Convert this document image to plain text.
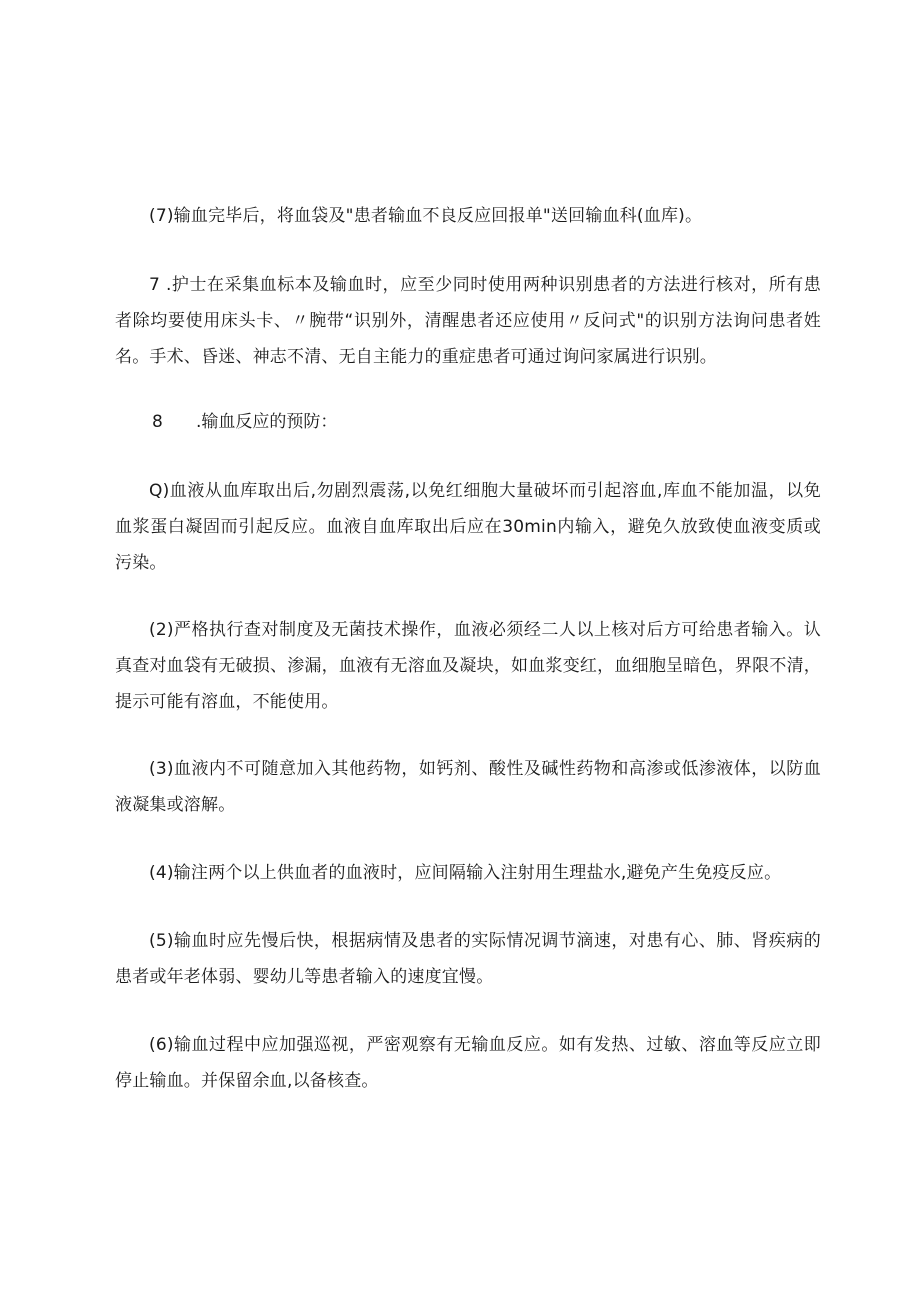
(7)输血完毕后，将血袋及"患者输血不良反应回报单"送回输血科(血库)。

7 .护士在采集血标本及输血时，应至少同时使用两种识别患者的方法进行核对，所有患者除均要使用床头卡、〃腕带“识别外，清醒患者还应使用〃反问式"的识别方法询问患者姓名。手术、昏迷、神志不清、无自主能力的重症患者可通过询问家属进行识别。

8 .输血反应的预防：

Q)血液从血库取出后,勿剧烈震荡,以免红细胞大量破坏而引起溶血,库血不能加温，以免血浆蛋白凝固而引起反应。血液自血库取出后应在30min内输入，避免久放致使血液变质或污染。

(2)严格执行查对制度及无菌技术操作，血液必须经二人以上核对后方可给患者输入。认真查对血袋有无破损、渗漏，血液有无溶血及凝块，如血浆变红，血细胞呈暗色，界限不清，提示可能有溶血，不能使用。

(3)血液内不可随意加入其他药物，如钙剂、酸性及碱性药物和高渗或低渗液体，以防血液凝集或溶解。

(4)输注两个以上供血者的血液时，应间隔输入注射用生理盐水,避免产生免疫反应。

(5)输血时应先慢后快，根据病情及患者的实际情况调节滴速，对患有心、肺、肾疾病的患者或年老体弱、婴幼儿等患者输入的速度宜慢。

(6)输血过程中应加强巡视，严密观察有无输血反应。如有发热、过敏、溶血等反应立即停止输血。并保留余血,以备核查。
